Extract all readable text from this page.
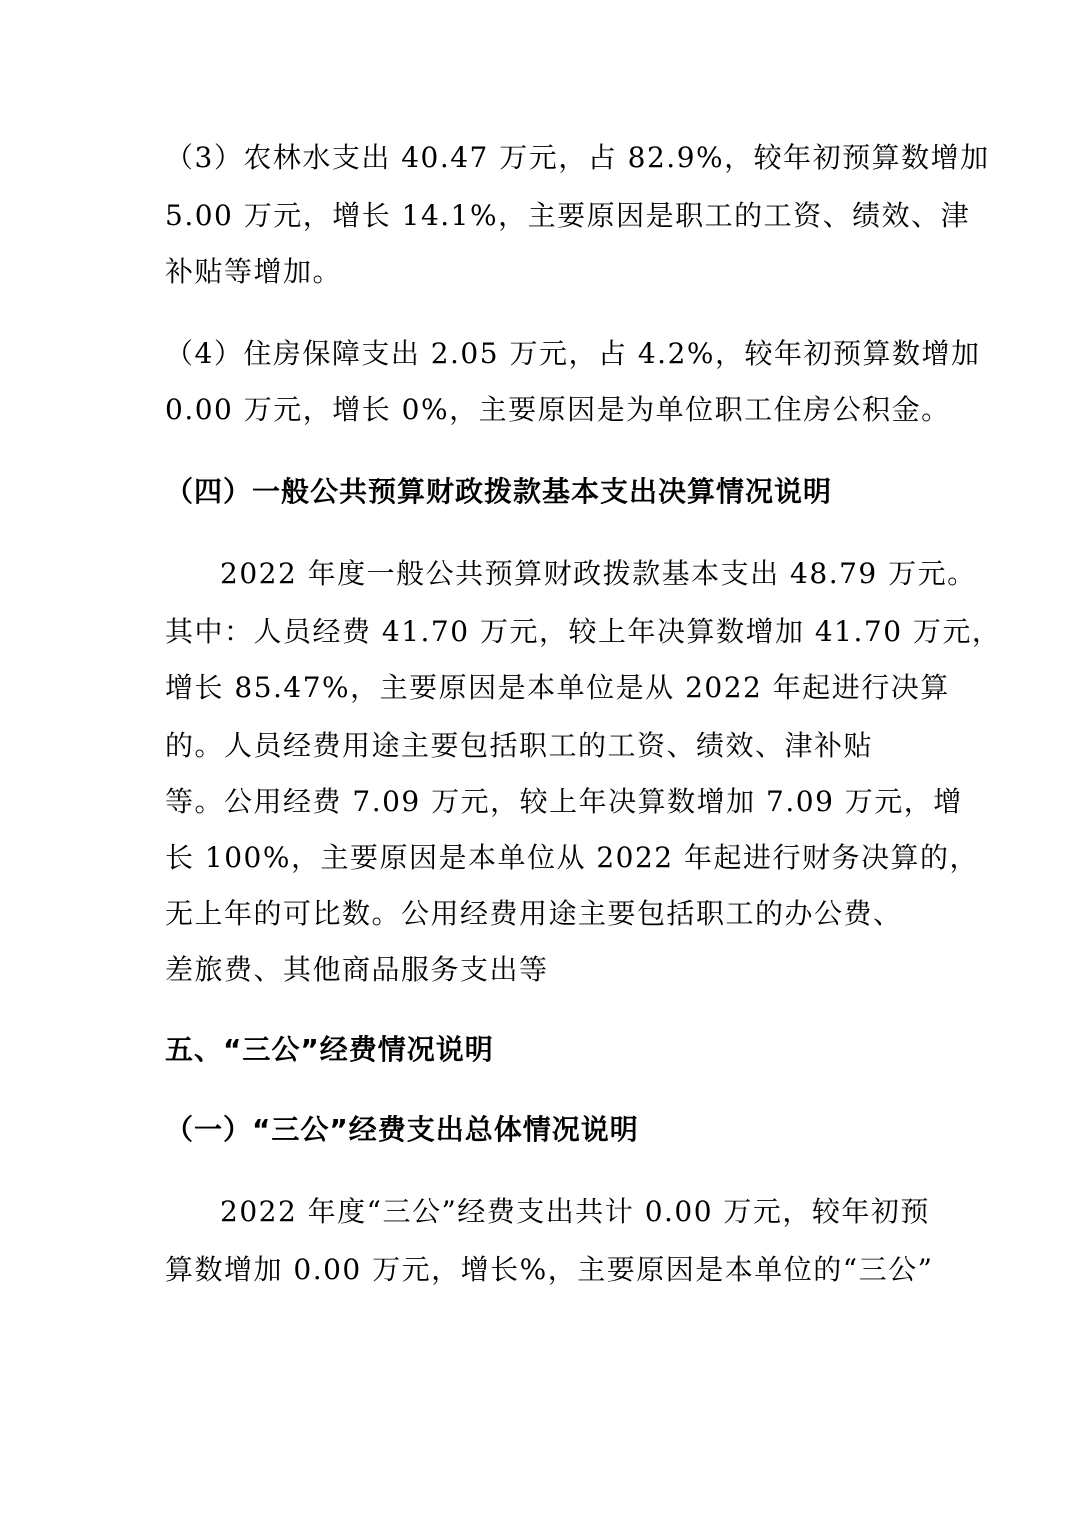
（3）农林水支出 40.47 万元，占 82.9%，较年初预算数增加
5.00 万元，增长 14.1%，主要原因是职工的工资、绩效、津
补贴等增加。
（4）住房保障支出 2.05 万元，占 4.2%，较年初预算数增加
0.00 万元，增长 0%，主要原因是为单位职工住房公积金。
（四）一般公共预算财政拨款基本支出决算情况说明
2022 年度一般公共预算财政拨款基本支出 48.79 万元。
其中：人员经费 41.70 万元，较上年决算数增加 41.70 万元，
增长 85.47%，主要原因是本单位是从 2022 年起进行决算
的。人员经费用途主要包括职工的工资、绩效、津补贴
等。公用经费 7.09 万元，较上年决算数增加 7.09 万元，增
长 100%，主要原因是本单位从 2022 年起进行财务决算的，
无上年的可比数。公用经费用途主要包括职工的办公费、
差旅费、其他商品服务支出等
五、“三公”经费情况说明
（一）“三公”经费支出总体情况说明
2022 年度“三公”经费支出共计 0.00 万元，较年初预
算数增加 0.00 万元，增长%，主要原因是本单位的“三公”
